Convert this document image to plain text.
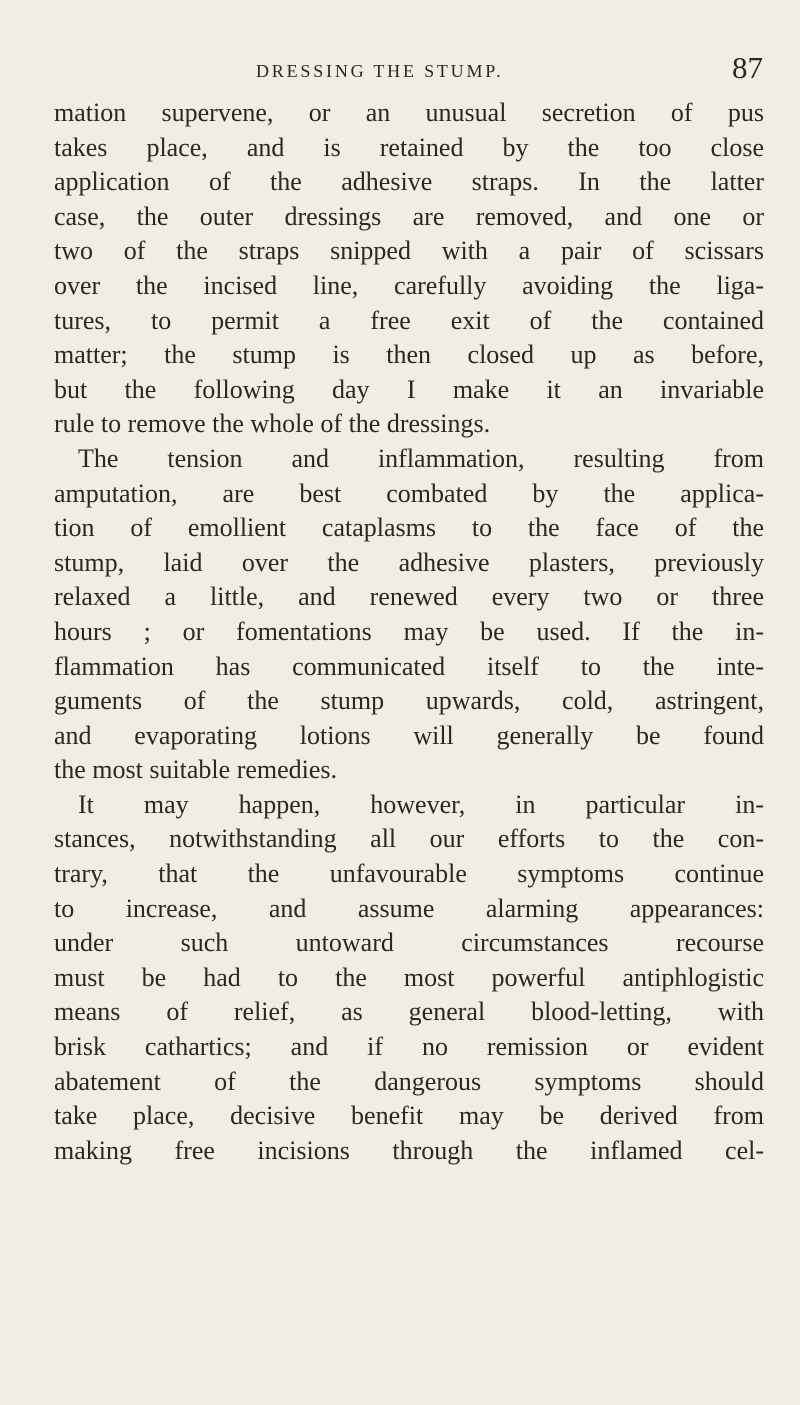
DRESSING THE STUMP.	87
mation supervene, or an unusual secretion of pus
takes place, and is retained by the too close
application of the adhesive straps. In the latter
case, the outer dressings are removed, and one or
two of the straps snipped with a pair of scissars
over the incised line, carefully avoiding the liga-
tures, to permit a free exit of the contained
matter; the stump is then closed up as before,
but the following day I make it an invariable
rule to remove the whole of the dressings.
The tension and inflammation, resulting from
amputation, are best combated by the applica-
tion of emollient cataplasms to the face of the
stump, laid over the adhesive plasters, previously
relaxed a little, and renewed every two or three
hours ; or fomentations may be used. If the in-
flammation has communicated itself to the inte-
guments of the stump upwards, cold, astringent,
and evaporating lotions will generally be found
the most suitable remedies.
It may happen, however, in particular in-
stances, notwithstanding all our efforts to the con-
trary, that the unfavourable symptoms continue
to increase, and assume alarming appearances:
under such untoward circumstances recourse
must be had to the most powerful antiphlogistic
means of relief, as general blood-letting, with
brisk cathartics; and if no remission or evident
abatement of the dangerous symptoms should
take place, decisive benefit may be derived from
making free incisions through the inflamed cel-
